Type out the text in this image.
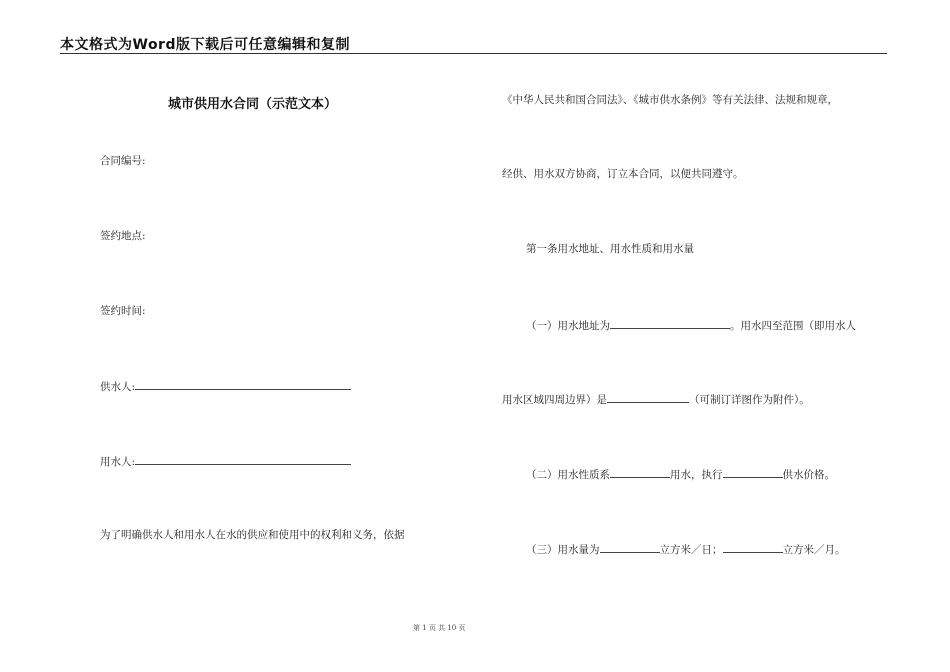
本文格式为Word版下载后可任意编辑和复制
城市供用水合同（示范文本）
合同编号:
签约地点:
签约时间:
供水人:
用水人:
为了明确供水人和用水人在水的供应和使用中的权利和义务，依据
《中华人民共和国合同法》、《城市供水条例》等有关法律、法规和规章，
经供、用水双方协商，订立本合同，以便共同遵守。
第一条用水地址、用水性质和用水量
（一）用水地址为	。用水四至范围（即用水人
用水区域四周边界）是	（可制订详图作为附件）。
（二）用水性质系	用水，执行	供水价格。
（三）用水量为	立方米／日；	立方米／月。
第 1 页 共 10 页
